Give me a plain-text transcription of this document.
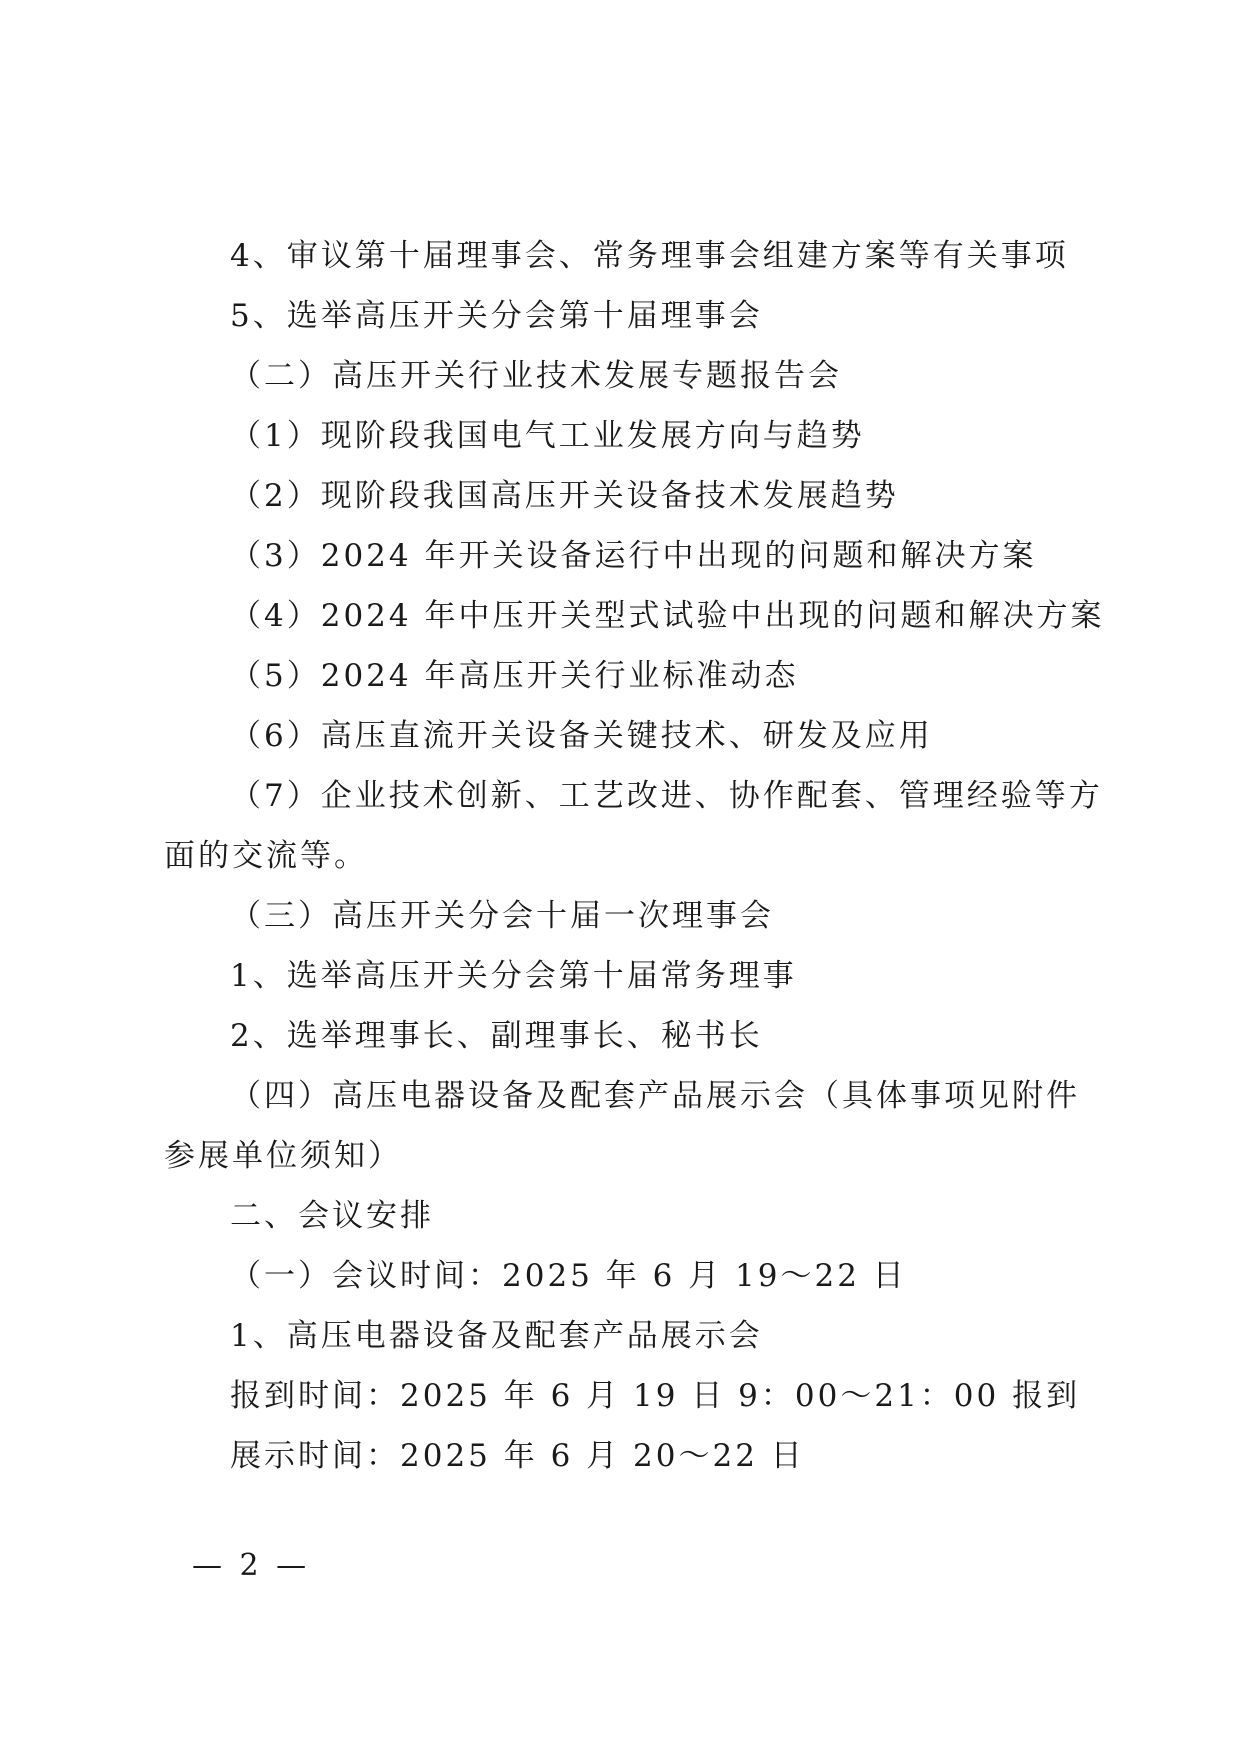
4、审议第十届理事会、常务理事会组建方案等有关事项
5、选举高压开关分会第十届理事会
（二）高压开关行业技术发展专题报告会
（1）现阶段我国电气工业发展方向与趋势
（2）现阶段我国高压开关设备技术发展趋势
（3）2024 年开关设备运行中出现的问题和解决方案
（4）2024 年中压开关型式试验中出现的问题和解决方案
（5）2024 年高压开关行业标准动态
（6）高压直流开关设备关键技术、研发及应用
（7）企业技术创新、工艺改进、协作配套、管理经验等方
面的交流等。
（三）高压开关分会十届一次理事会
1、选举高压开关分会第十届常务理事
2、选举理事长、副理事长、秘书长
（四）高压电器设备及配套产品展示会（具体事项见附件
参展单位须知）
二、会议安排
（一）会议时间：2025 年 6 月 19～22 日
1、高压电器设备及配套产品展示会
报到时间：2025 年 6 月 19 日 9：00～21：00 报到
展示时间：2025 年 6 月 20～22 日
— 2 —
